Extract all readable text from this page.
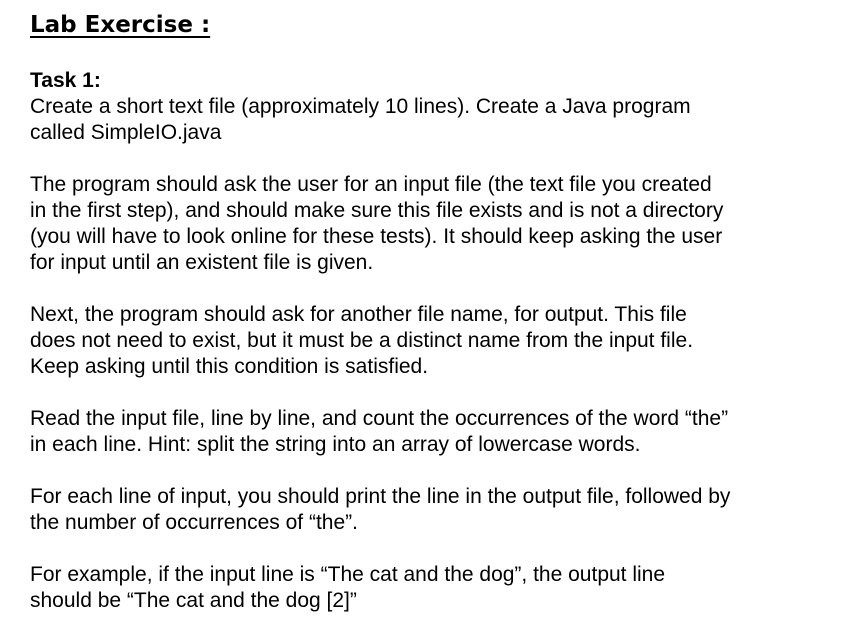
Lab Exercise :
Task 1:

Create a short text file (approximately 10 lines). Create a Java program
called SimpleIO.java

The program should ask the user for an input file (the text file you created
in the first step), and should make sure this file exists and is not a directory
(you will have to look online for these tests). It should keep asking the user
for input until an existent file is given.

Next, the program should ask for another file name, for output. This file
does not need to exist, but it must be a distinct name from the input file.
Keep asking until this condition is satisfied.

Read the input file, line by line, and count the occurrences of the word “the”
in each line. Hint: split the string into an array of lowercase words.

For each line of input, you should print the line in the output file, followed by
the number of occurrences of “the”.

For example, if the input line is “The cat and the dog”, the output line
should be “The cat and the dog [2]”
